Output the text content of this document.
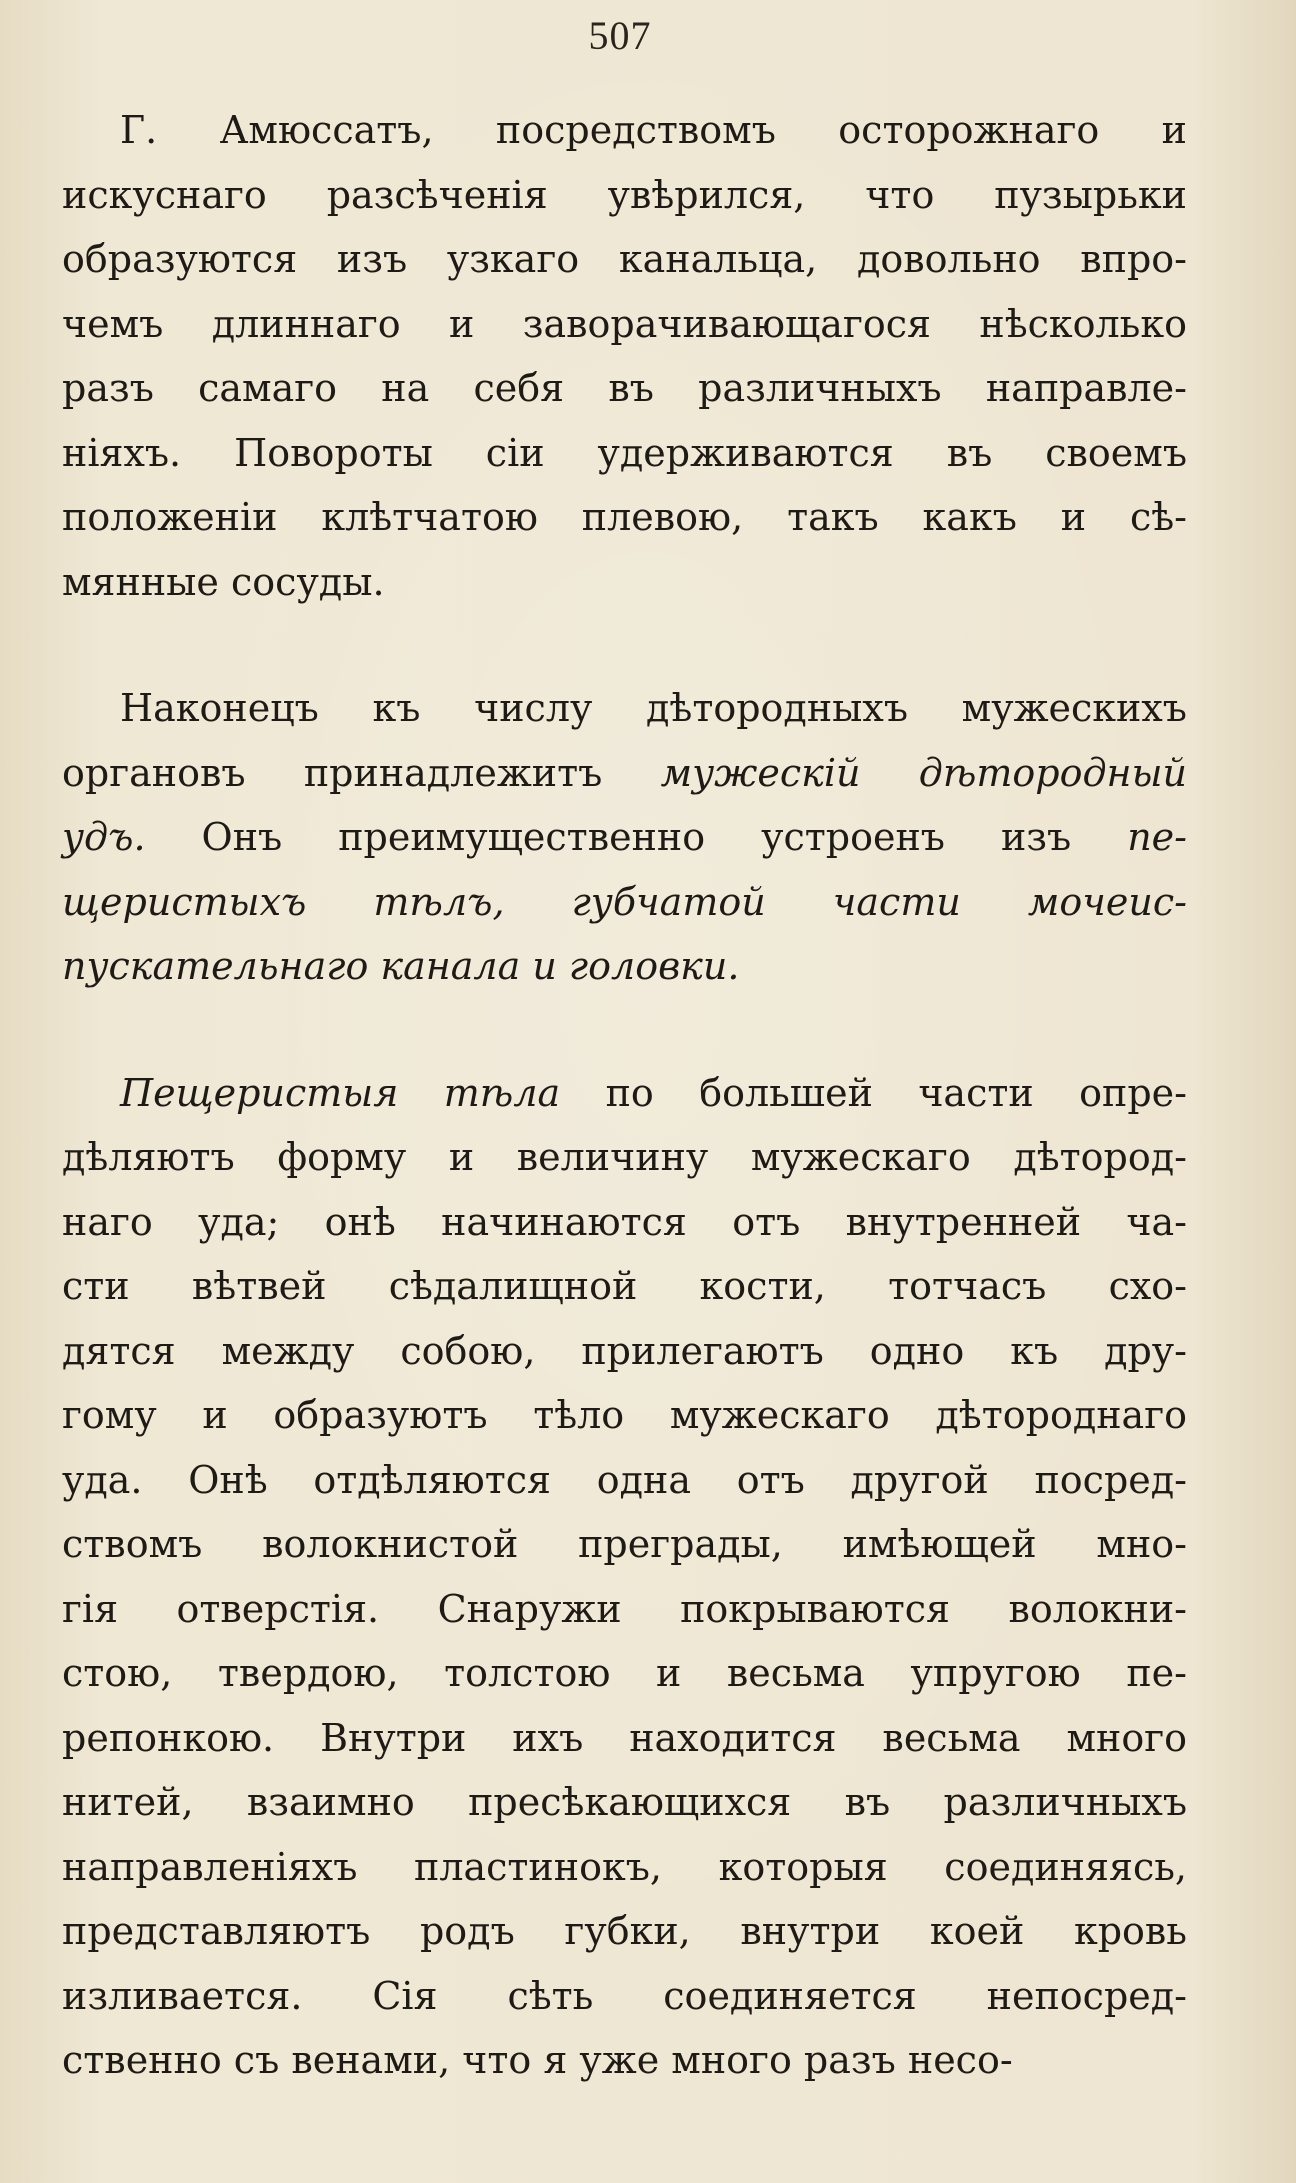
507
Г. Амюссатъ, посредствомъ осторожнаго и
искуснаго разсѣченія увѣрился, что пузырьки
образуются изъ узкаго канальца, довольно впро-
чемъ длиннаго и заворачивающагося нѣсколько
разъ самаго на себя въ различныхъ направле-
ніяхъ. Повороты сіи удерживаются въ своемъ
положеніи клѣтчатою плевою, такъ какъ и сѣ-
мянные сосуды.
Наконецъ къ числу дѣтородныхъ мужескихъ
органовъ принадлежитъ мужескій дѣтородный
удъ. Онъ преимущественно устроенъ изъ пе-
щеристыхъ тѣлъ, губчатой части мочеис-
пускательнаго канала и головки.
Пещеристыя тѣла по большей части опре-
дѣляютъ форму и величину мужескаго дѣтород-
наго уда; онѣ начинаются отъ внутренней ча-
сти вѣтвей сѣдалищной кости, тотчасъ схо-
дятся между собою, прилегаютъ одно къ дру-
гому и образуютъ тѣло мужескаго дѣтороднаго
уда. Онѣ отдѣляются одна отъ другой посред-
ствомъ волокнистой преграды, имѣющей мно-
гія отверстія. Снаружи покрываются волокни-
стою, твердою, толстою и весьма упругою пе-
репонкою. Внутри ихъ находится весьма много
нитей, взаимно пресѣкающихся въ различныхъ
направленіяхъ пластинокъ, которыя соединяясь,
представляютъ родъ губки, внутри коей кровь
изливается. Сія сѣть соединяется непосред-
ственно съ венами, что я уже много разъ несо-
